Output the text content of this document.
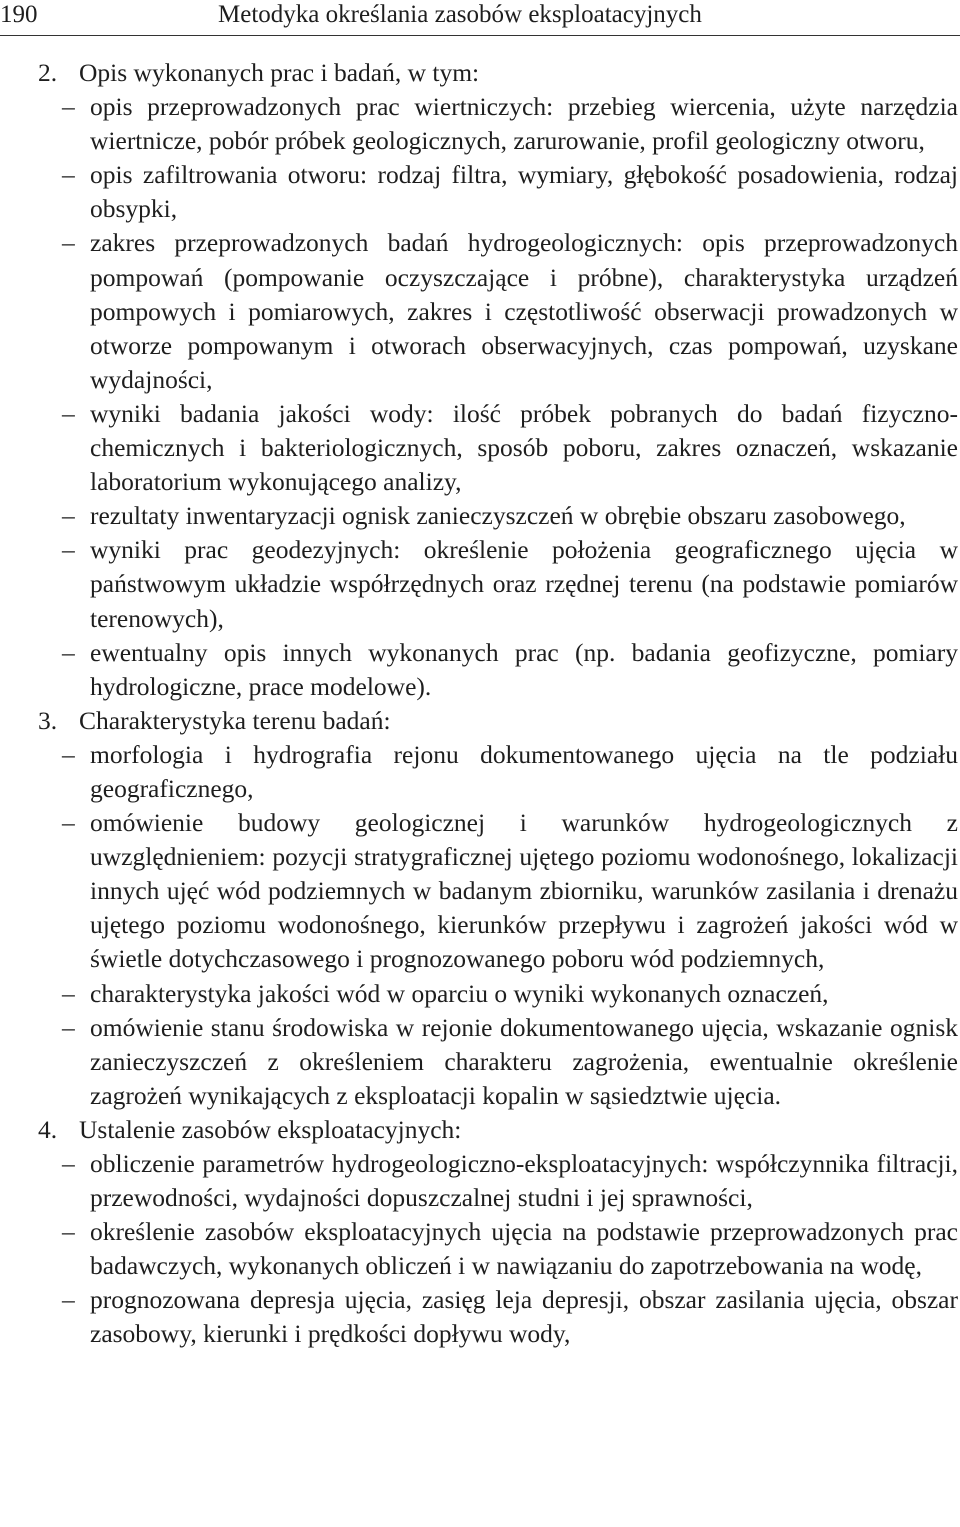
190	Metodyka określania zasobów eksploatacyjnych
2. Opis wykonanych prac i badań, w tym:
– opis przeprowadzonych prac wiertniczych: przebieg wiercenia, użyte narzędzia wiertnicze, pobór próbek geologicznych, zarurowanie, profil geologiczny otworu,
– opis zafiltrowania otworu: rodzaj filtra, wymiary, głębokość posadowienia, rodzaj obsypki,
– zakres przeprowadzonych badań hydrogeologicznych: opis przeprowadzonych pompowań (pompowanie oczyszczające i próbne), charakterystyka urządzeń pompowych i pomiarowych, zakres i częstotliwość obserwacji prowadzonych w otworze pompowanym i otworach obserwacyjnych, czas pompowań, uzyskane wydajności,
– wyniki badania jakości wody: ilość próbek pobranych do badań fizyczno-chemicznych i bakteriologicznych, sposób poboru, zakres oznaczeń, wskazanie laboratorium wykonującego analizy,
– rezultaty inwentaryzacji ognisk zanieczyszczeń w obrębie obszaru zasobowego,
– wyniki prac geodezyjnych: określenie położenia geograficznego ujęcia w państwowym układzie współrzędnych oraz rzędnej terenu (na podstawie pomiarów terenowych),
– ewentualny opis innych wykonanych prac (np. badania geofizyczne, pomiary hydrologiczne, prace modelowe).
3. Charakterystyka terenu badań:
– morfologia i hydrografia rejonu dokumentowanego ujęcia na tle podziału geograficznego,
– omówienie budowy geologicznej i warunków hydrogeologicznych z uwzględnieniem: pozycji stratygraficznej ujętego poziomu wodonośnego, lokalizacji innych ujęć wód podziemnych w badanym zbiorniku, warunków zasilania i drenażu ujętego poziomu wodonośnego, kierunków przepływu i zagrożeń jakości wód w świetle dotychczasowego i prognozowanego poboru wód podziemnych,
– charakterystyka jakości wód w oparciu o wyniki wykonanych oznaczeń,
– omówienie stanu środowiska w rejonie dokumentowanego ujęcia, wskazanie ognisk zanieczyszczeń z określeniem charakteru zagrożenia, ewentualnie określenie zagrożeń wynikających z eksploatacji kopalin w sąsiedztwie ujęcia.
4. Ustalenie zasobów eksploatacyjnych:
– obliczenie parametrów hydrogeologiczno-eksploatacyjnych: współczynnika filtracji, przewodności, wydajności dopuszczalnej studni i jej sprawności,
– określenie zasobów eksploatacyjnych ujęcia na podstawie przeprowadzonych prac badawczych, wykonanych obliczeń i w nawiązaniu do zapotrzebowania na wodę,
– prognozowana depresja ujęcia, zasięg leja depresji, obszar zasilania ujęcia, obszar zasobowy, kierunki i prędkości dopływu wody,
